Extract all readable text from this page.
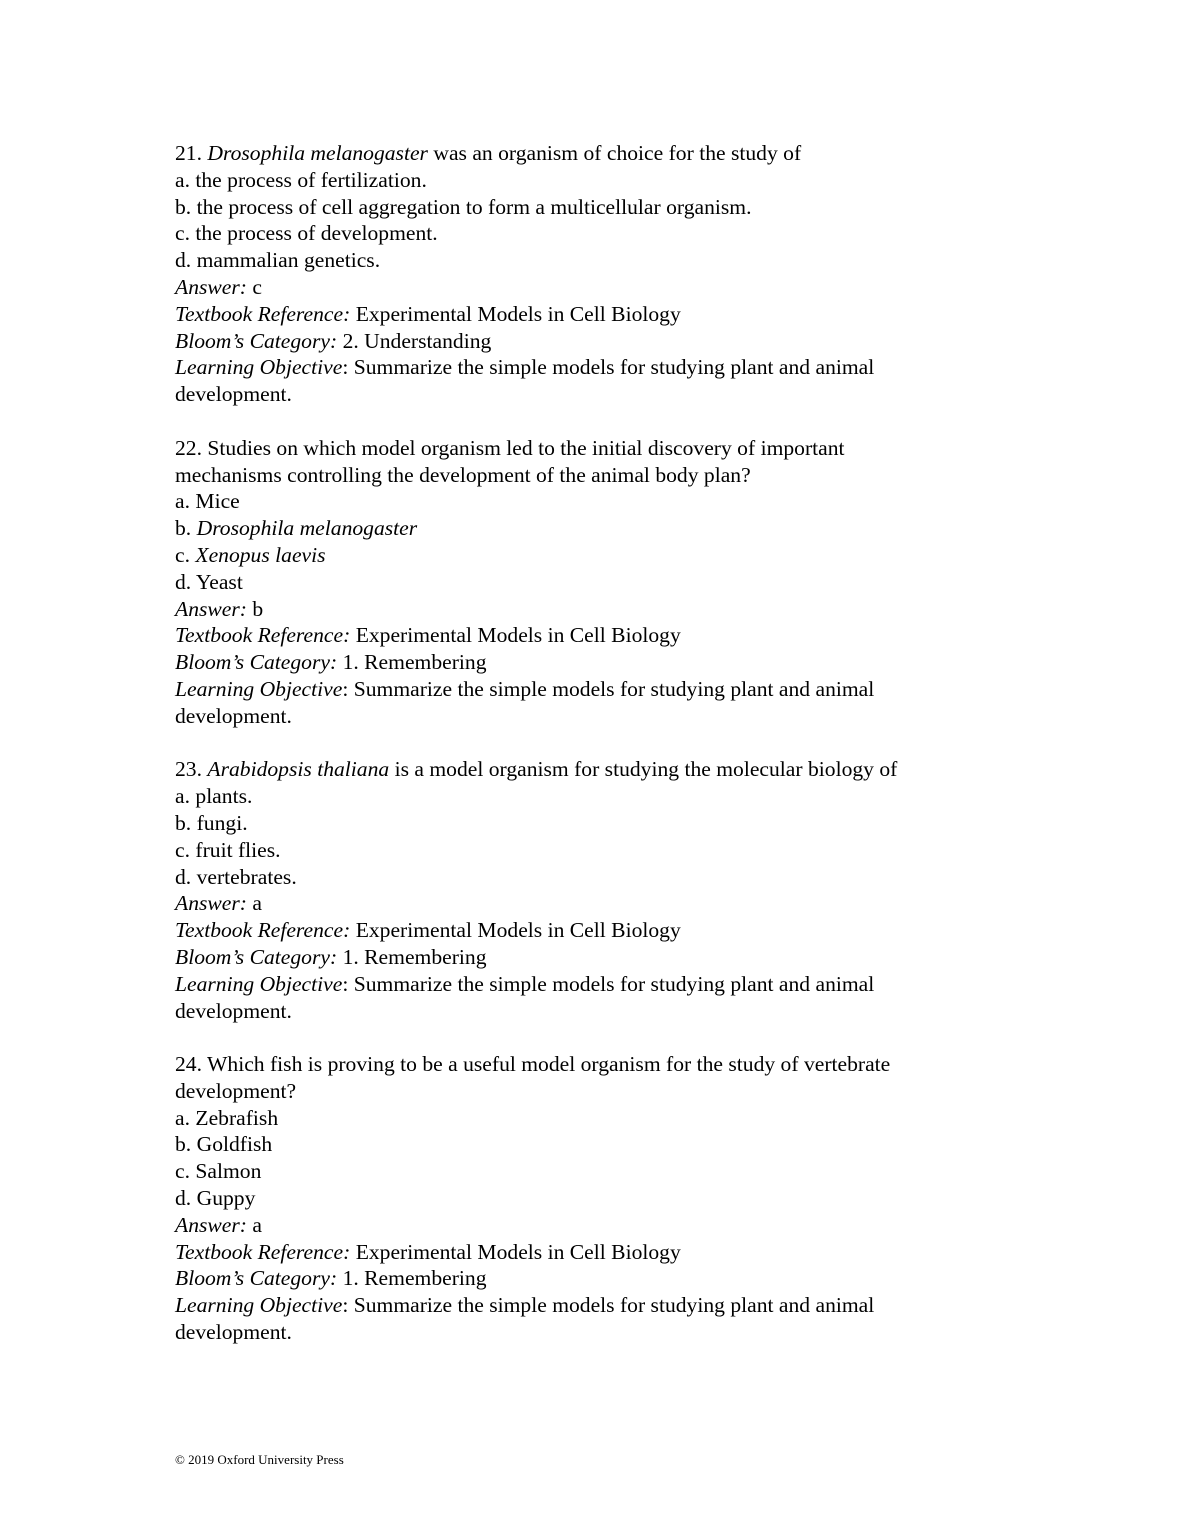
21. Drosophila melanogaster was an organism of choice for the study of
a. the process of fertilization.
b. the process of cell aggregation to form a multicellular organism.
c. the process of development.
d. mammalian genetics.
Answer: c
Textbook Reference: Experimental Models in Cell Biology
Bloom’s Category: 2. Understanding
Learning Objective: Summarize the simple models for studying plant and animal
development.
22. Studies on which model organism led to the initial discovery of important
mechanisms controlling the development of the animal body plan?
a. Mice
b. Drosophila melanogaster
c. Xenopus laevis
d. Yeast
Answer: b
Textbook Reference: Experimental Models in Cell Biology
Bloom’s Category: 1. Remembering
Learning Objective: Summarize the simple models for studying plant and animal
development.
23. Arabidopsis thaliana is a model organism for studying the molecular biology of
a. plants.
b. fungi.
c. fruit flies.
d. vertebrates.
Answer: a
Textbook Reference: Experimental Models in Cell Biology
Bloom’s Category: 1. Remembering
Learning Objective: Summarize the simple models for studying plant and animal
development.
24. Which fish is proving to be a useful model organism for the study of vertebrate
development?
a. Zebrafish
b. Goldfish
c. Salmon
d. Guppy
Answer: a
Textbook Reference: Experimental Models in Cell Biology
Bloom’s Category: 1. Remembering
Learning Objective: Summarize the simple models for studying plant and animal
development.
© 2019 Oxford University Press
